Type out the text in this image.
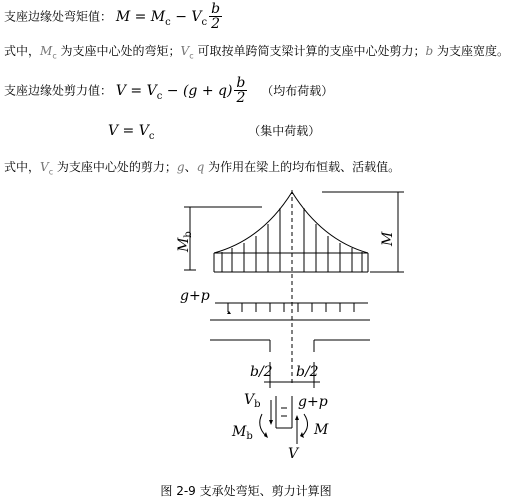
支座边缘处弯矩值： $M = M_c - V_c \frac{b}{2}$
式中，$M_c$ 为支座中心处的弯矩；$V_c$ 可取按单跨简支梁计算的支座中心处剪力；b 为支座宽度。
支座边缘处剪力值： $V = V_c - (g + q) \frac{b}{2}$ （均布荷载）
$V = V_c$	（集中荷载）
式中，$V_c$ 为支座中心处的剪力；g、q 为作用在梁上的均布恒载、活载值。
$M_b$	M
g+p
b/2 b/2
$V_b$	g+p
$M_b$	M
V
图 2-9 支承处弯矩、剪力计算图
